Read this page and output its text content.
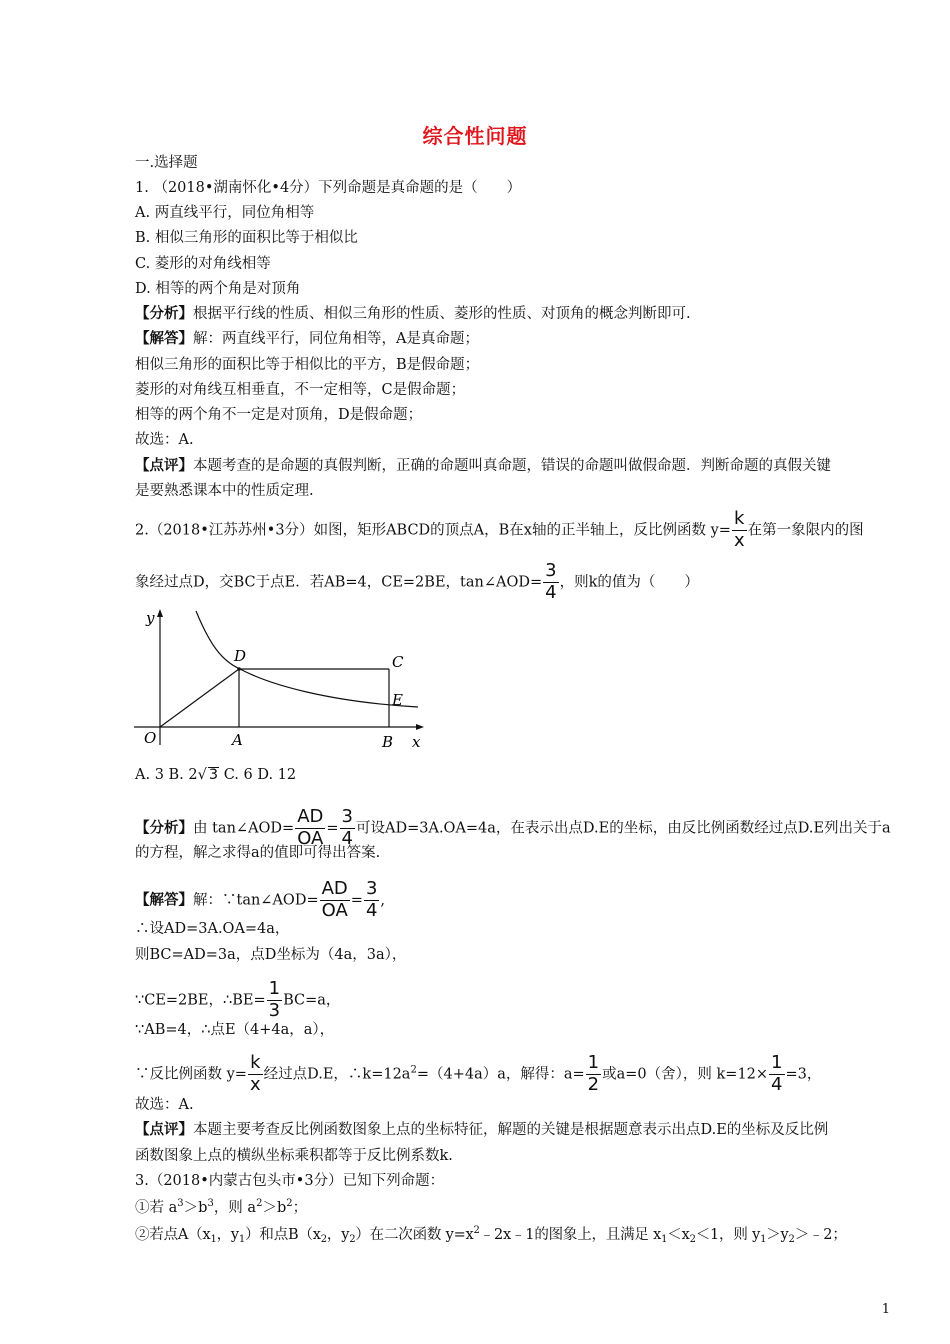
综合性问题
一.选择题
1. （2018•湖南怀化•4分）下列命题是真命题的是（　　）
A. 两直线平行，同位角相等
B. 相似三角形的面积比等于相似比
C. 菱形的对角线相等
D. 相等的两个角是对顶角
【分析】根据平行线的性质、相似三角形的性质、菱形的性质、对顶角的概念判断即可.
【解答】解：两直线平行，同位角相等，A是真命题；
相似三角形的面积比等于相似比的平方，B是假命题；
菱形的对角线互相垂直，不一定相等，C是假命题；
相等的两个角不一定是对顶角，D是假命题；
故选：A.
【点评】本题考查的是命题的真假判断，正确的命题叫真命题，错误的命题叫做假命题．判断命题的真假关键
是要熟悉课本中的性质定理.
2.（2018•江苏苏州•3分）如图，矩形ABCD的顶点A，B在x轴的正半轴上，反比例函数 $y= \frac{k}{x}$ 在第一象限内的图
象经过点D，交BC于点E．若AB=4，CE=2BE，tan∠AOD= $\frac{3}{4}$ ，则k的值为（　　）
y
x
O	A	B
C
D
E
A. 3 B. 2√ 3 C. 6 D. 12
【分析】由 tan∠AOD= $\frac{AD}{OA} = \frac{3}{4}$ 可设AD=3A.OA=4a，在表示出点D.E的坐标，由反比例函数经过点D.E列出关于a
的方程，解之求得a的值即可得出答案.
【解答】解：∵tan∠AOD= $\frac{AD}{OA} = \frac{3}{4}$ ,
∴设AD=3A.OA=4a，
则BC=AD=3a，点D坐标为（4a，3a），
∵CE=2BE，∴BE= $\frac{1}{3} BC=a$，
∵AB=4，∴点E（4+4a，a），
∵反比例函数 $y= \frac{k}{x}$ 经过点D.E，$\therefore k=12a^2=(4+4a)a$，解得：$a= \frac{1}{2}$ 或a=0（舍），则 $k=12\times \frac{1}{4} =3$，
故选：A.
【点评】本题主要考查反比例函数图象上点的坐标特征，解题的关键是根据题意表示出点D.E的坐标及反比例
函数图象上点的横纵坐标乘积都等于反比例系数k.
3.（2018•内蒙古包头市•3分）已知下列命题：
①若 $a^3>b^3$，则 $a^2>b^2$；
②若点$A(x_1$，$y_1$）和点$B(x_2$，$y_2$）在二次函数 $y=x^2﹣2x﹣1$的图象上，且满足 $x_1<x_2<1$，则 $y_1>y_2>﹣2$；
1
